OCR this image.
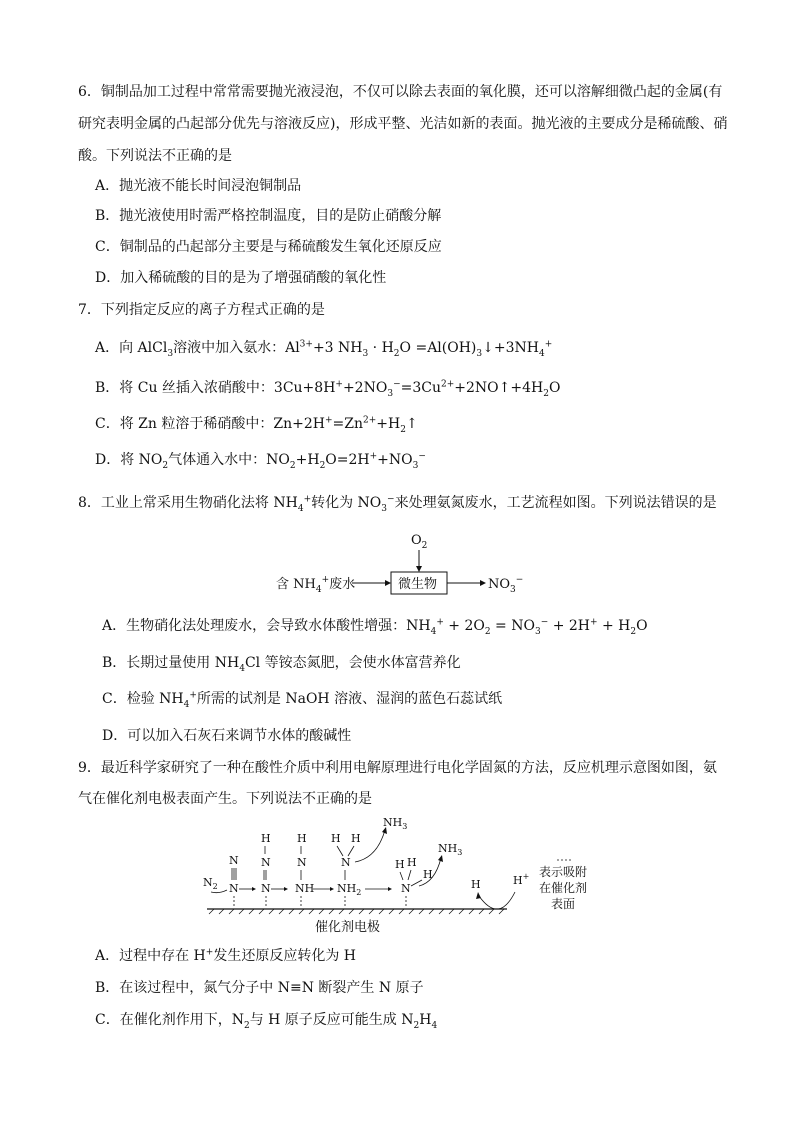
6．铜制品加工过程中常常需要抛光液浸泡，不仅可以除去表面的氧化膜，还可以溶解细微凸起的金属(有
研究表明金属的凸起部分优先与溶液反应)，形成平整、光洁如新的表面。抛光液的主要成分是稀硫酸、硝
酸。下列说法不正确的是
A．抛光液不能长时间浸泡铜制品
B．抛光液使用时需严格控制温度，目的是防止硝酸分解
C．铜制品的凸起部分主要是与稀硫酸发生氧化还原反应
D．加入稀硫酸的目的是为了增强硝酸的氧化性
7．下列指定反应的离子方程式正确的是
A．向 AlCl$_3$溶液中加入氨水：$Al^{3+}+3$ $NH_3 \cdot H_2O$ $=Al(OH)_3↓+3NH_4^+$
B．将 Cu 丝插入浓硝酸中：$3Cu+8H^++2NO_3^-=3Cu^{2+}+2NO↑+4H_2O$
C．将 Zn 粒溶于稀硝酸中：$Zn+2H^+=Zn^{2+}+H_2↑$
D．将 $NO_2$气体通入水中：$NO_2+H_2O=2H^++NO_3^-$
8．工业上常采用生物硝化法将 $NH_4^+$转化为 $NO_3^-$来处理氨氮废水，工艺流程如图。下列说法错误的是
$O_2$
微生物
含 $NH_4^+$废水	$NO_3^-$
A．生物硝化法处理废水，会导致水体酸性增强：$NH_4^+ + 2O_2 = NO_3^- + 2H^+ + H_2O$
B．长期过量使用 $NH_4Cl$ 等铵态氮肥，会使水体富营养化
C．检验 $NH_4^+$所需的试剂是 NaOH 溶液、湿润的蓝色石蕊试纸
D．可以加入石灰石来调节水体的酸碱性
9．最近科学家研究了一种在酸性介质中利用电解原理进行电化学固氮的方法，反应机理示意图如图，氨
气在催化剂电极表面产生。下列说法不正确的是
$N_2$
N
N
H
N
N
H
N
NH
H H
N
$NH_2$
$NH_3$
H H
N
H
$NH_3$
H	H+ 表示吸附
在催化剂
表面
催化剂电极
A．过程中存在 H+发生还原反应转化为 H
B．在该过程中，氮气分子中 N≡N 断裂产生 N 原子
C．在催化剂作用下，$N_2$与 H 原子反应可能生成 $N_2H_4$
